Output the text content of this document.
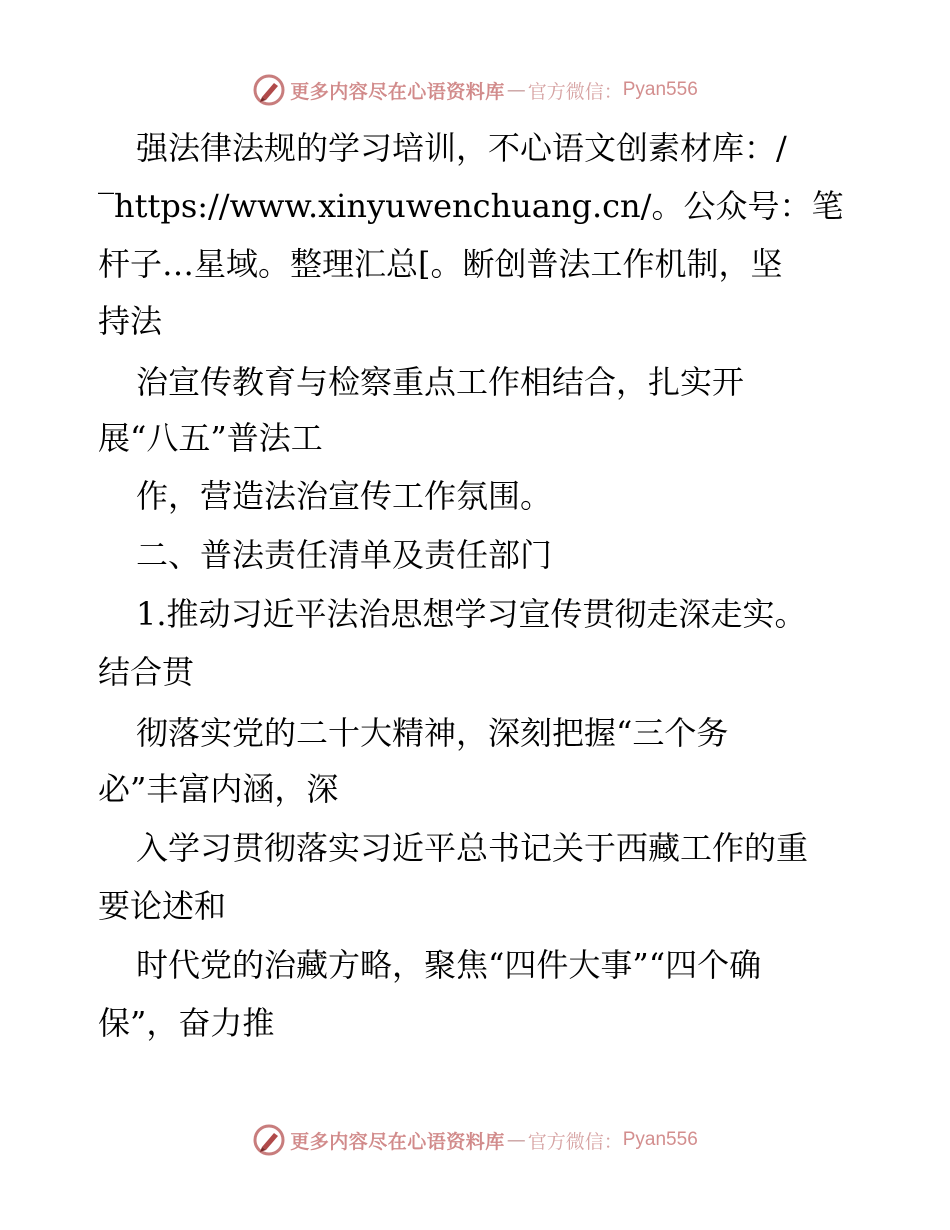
更多内容尽在心语资料库 — 官方微信： Pyan556
强法律法规的学习培训，不心语文创素材库：/
‾https://www.xinyuwenchuang.cn/。公众号：笔
杆子…星域。整理汇总[。断创普法工作机制，坚
持法
治宣传教育与检察重点工作相结合，扎实开
展“八五”普法工
作，营造法治宣传工作氛围。
二、普法责任清单及责任部门
1.推动习近平法治思想学习宣传贯彻走深走实。
结合贯
彻落实党的二十大精神，深刻把握“三个务
必”丰富内涵，深
入学习贯彻落实习近平总书记关于西藏工作的重
要论述和
时代党的治藏方略，聚焦“四件大事”“四个确
保”，奋力推
更多内容尽在心语资料库 — 官方微信： Pyan556
